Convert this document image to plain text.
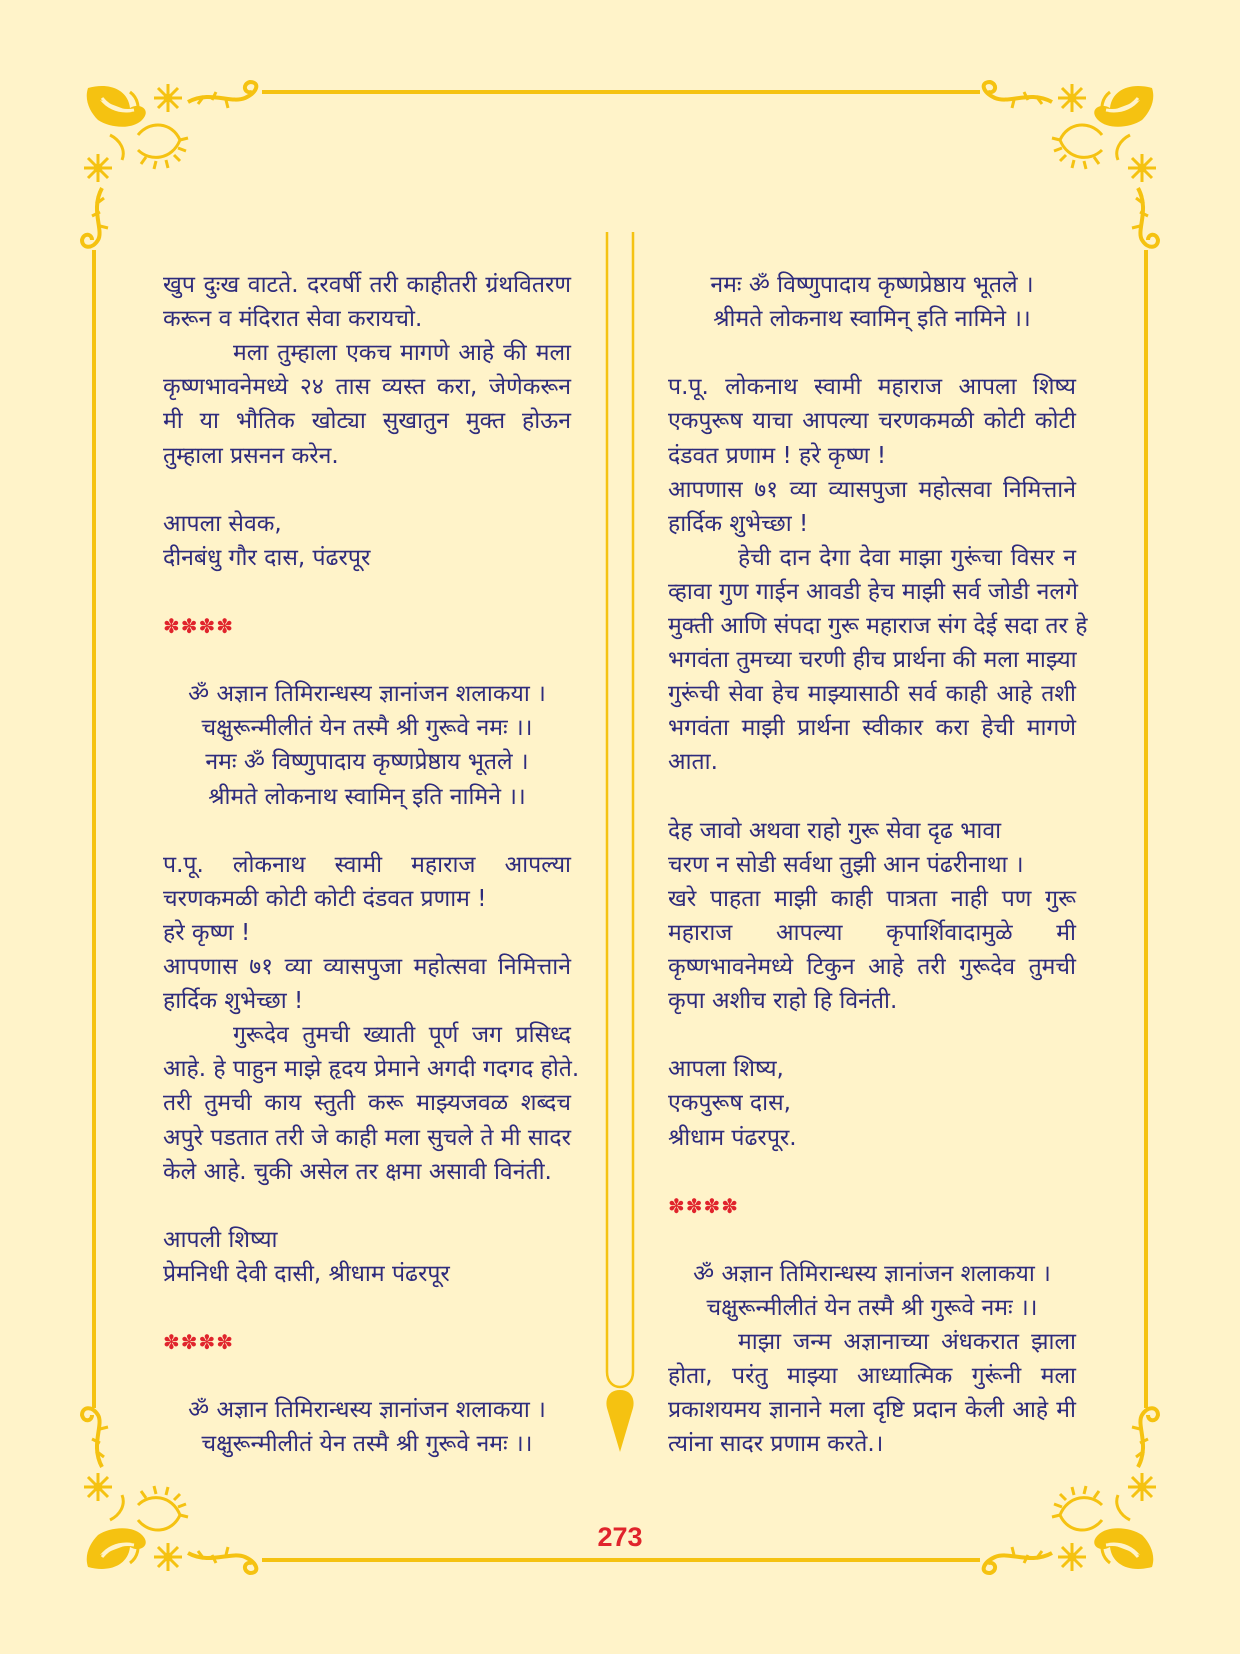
खुप दुःख वाटते. दरवर्षी तरी काहीतरी ग्रंथवितरण
करून व मंदिरात सेवा करायचो.
मला तुम्हाला एकच मागणे आहे की मला
कृष्णभावनेमध्ये २४ तास व्यस्त करा, जेणेकरून
मी या भौतिक खोट्या सुखातुन मुक्त होऊन
तुम्हाला प्रसनन करेन.
आपला सेवक,
दीनबंधु गौर दास, पंढरपूर
✽✽✽✽
ॐ अज्ञान तिमिरान्धस्य ज्ञानांजन शलाकया ।
चक्षुरून्मीलीतं येन तस्मै श्री गुरूवे नमः ।।
नमः ॐ विष्णुपादाय कृष्णप्रेष्ठाय भूतले ।
श्रीमते लोकनाथ स्वामिन् इति नामिने ।।
प.पू. लोकनाथ स्वामी महाराज आपल्या
चरणकमळी कोटी कोटी दंडवत प्रणाम !
हरे कृष्ण !
आपणास ७१ व्या व्यासपुजा महोत्सवा निमित्ताने
हार्दिक शुभेच्छा !
गुरूदेव तुमची ख्याती पूर्ण जग प्रसिध्द
आहे. हे पाहुन माझे हृदय प्रेमाने अगदी गदगद होते.
तरी तुमची काय स्तुती करू माझ्यजवळ शब्दच
अपुरे पडतात तरी जे काही मला सुचले ते मी सादर
केले आहे. चुकी असेल तर क्षमा असावी विनंती.
आपली शिष्या
प्रेमनिधी देवी दासी, श्रीधाम पंढरपूर
✽✽✽✽
ॐ अज्ञान तिमिरान्धस्य ज्ञानांजन शलाकया ।
चक्षुरून्मीलीतं येन तस्मै श्री गुरूवे नमः ।।
नमः ॐ विष्णुपादाय कृष्णप्रेष्ठाय भूतले ।
श्रीमते लोकनाथ स्वामिन् इति नामिने ।।
प.पू. लोकनाथ स्वामी महाराज आपला शिष्य
एकपुरूष याचा आपल्या चरणकमळी कोटी कोटी
दंडवत प्रणाम ! हरे कृष्ण !
आपणास ७१ व्या व्यासपुजा महोत्सवा निमित्ताने
हार्दिक शुभेच्छा !
हेची दान देगा देवा माझा गुरूंचा विसर न
व्हावा गुण गाईन आवडी हेच माझी सर्व जोडी नलगे
मुक्ती आणि संपदा गुरू महाराज संग देई सदा तर हे
भगवंता तुमच्या चरणी हीच प्रार्थना की मला माझ्या
गुरूंची सेवा हेच माझ्यासाठी सर्व काही आहे तशी
भगवंता माझी प्रार्थना स्वीकार करा हेची मागणे
आता.
देह जावो अथवा राहो गुरू सेवा दृढ भावा
चरण न सोडी सर्वथा तुझी आन पंढरीनाथा ।
खरे पाहता माझी काही पात्रता नाही पण गुरू
महाराज आपल्या कृपार्शिवादामुळे मी
कृष्णभावनेमध्ये टिकुन आहे तरी गुरूदेव तुमची
कृपा अशीच राहो हि विनंती.
आपला शिष्य,
एकपुरूष दास,
श्रीधाम पंढरपूर.
✽✽✽✽
ॐ अज्ञान तिमिरान्धस्य ज्ञानांजन शलाकया ।
चक्षुरून्मीलीतं येन तस्मै श्री गुरूवे नमः ।।
माझा जन्म अज्ञानाच्या अंधकरात झाला
होता, परंतु माझ्या आध्यात्मिक गुरूंनी मला
प्रकाशयमय ज्ञानाने मला दृष्टि प्रदान केली आहे मी
त्यांना सादर प्रणाम करते.।
273
